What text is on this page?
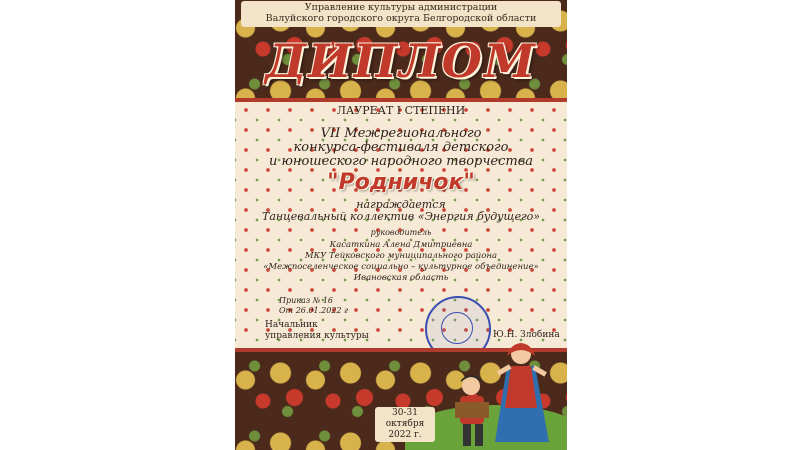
Управление культуры администрации
Валуйского городского округа Белгородской области
ДИПЛОМ
ЛАУРЕАТ I СТЕПЕНИ
VII Межрегионального
конкурса-фестиваля детского
и юношеского народного творчества
"Родничок"
награждается
Танцевальный коллектив «Энергия будущего»
руководитель
Касаткина Алена Дмитриевна
МКУ Тейковского муниципального района
«Межпоселенческое социально – культурное объединение»
Ивановская область
Приказ № 16
От 26.01.2022 г
Начальник
управления культуры	Ю.Н. Злобина
30-31 октября
2022 г.
